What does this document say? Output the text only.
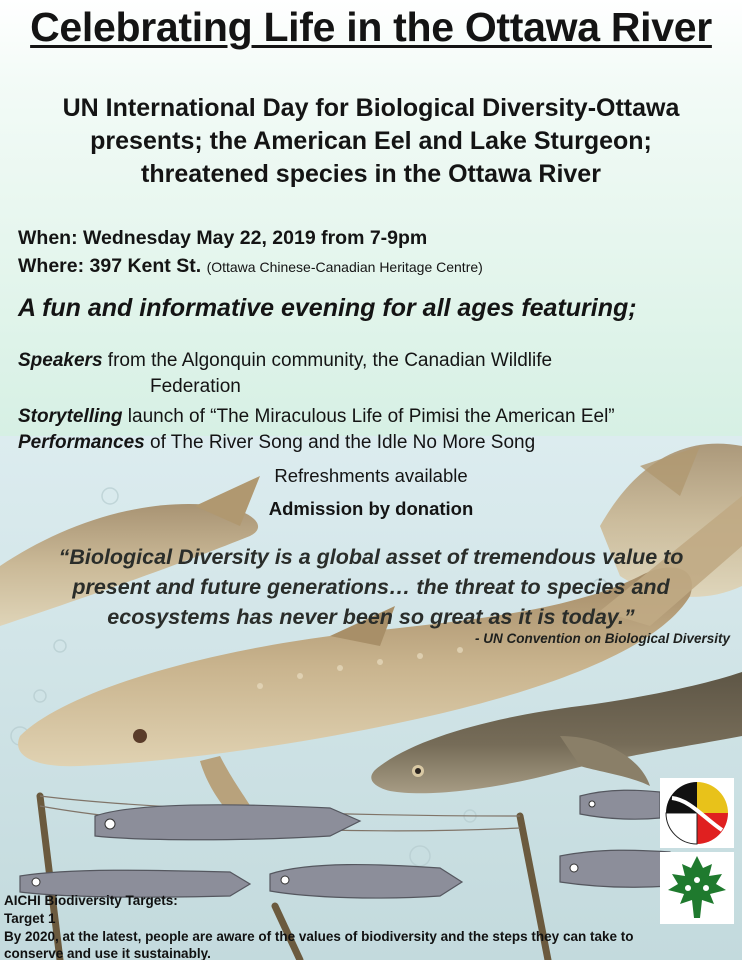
Celebrating Life in the Ottawa River
UN International Day for Biological Diversity-Ottawa
presents; the American Eel and Lake Sturgeon;
threatened species in the Ottawa River
When: Wednesday May 22, 2019 from 7-9pm
Where: 397 Kent St. (Ottawa Chinese-Canadian Heritage Centre)
A fun and informative evening for all ages featuring;
Speakers from the Algonquin community, the Canadian Wildlife
Federation
Storytelling launch of “The Miraculous Life of Pimisi the American Eel”
Performances of The River Song and the Idle No More Song
Refreshments available
Admission by donation
“Biological Diversity is a global asset of tremendous value to
present and future generations… the threat to species and
ecosystems has never been so great as it is today.”
- UN Convention on Biological Diversity
AICHI Biodiversity Targets:
Target 1
By 2020, at the latest, people are aware of the values of biodiversity and the steps they can take to
conserve and use it sustainably.
